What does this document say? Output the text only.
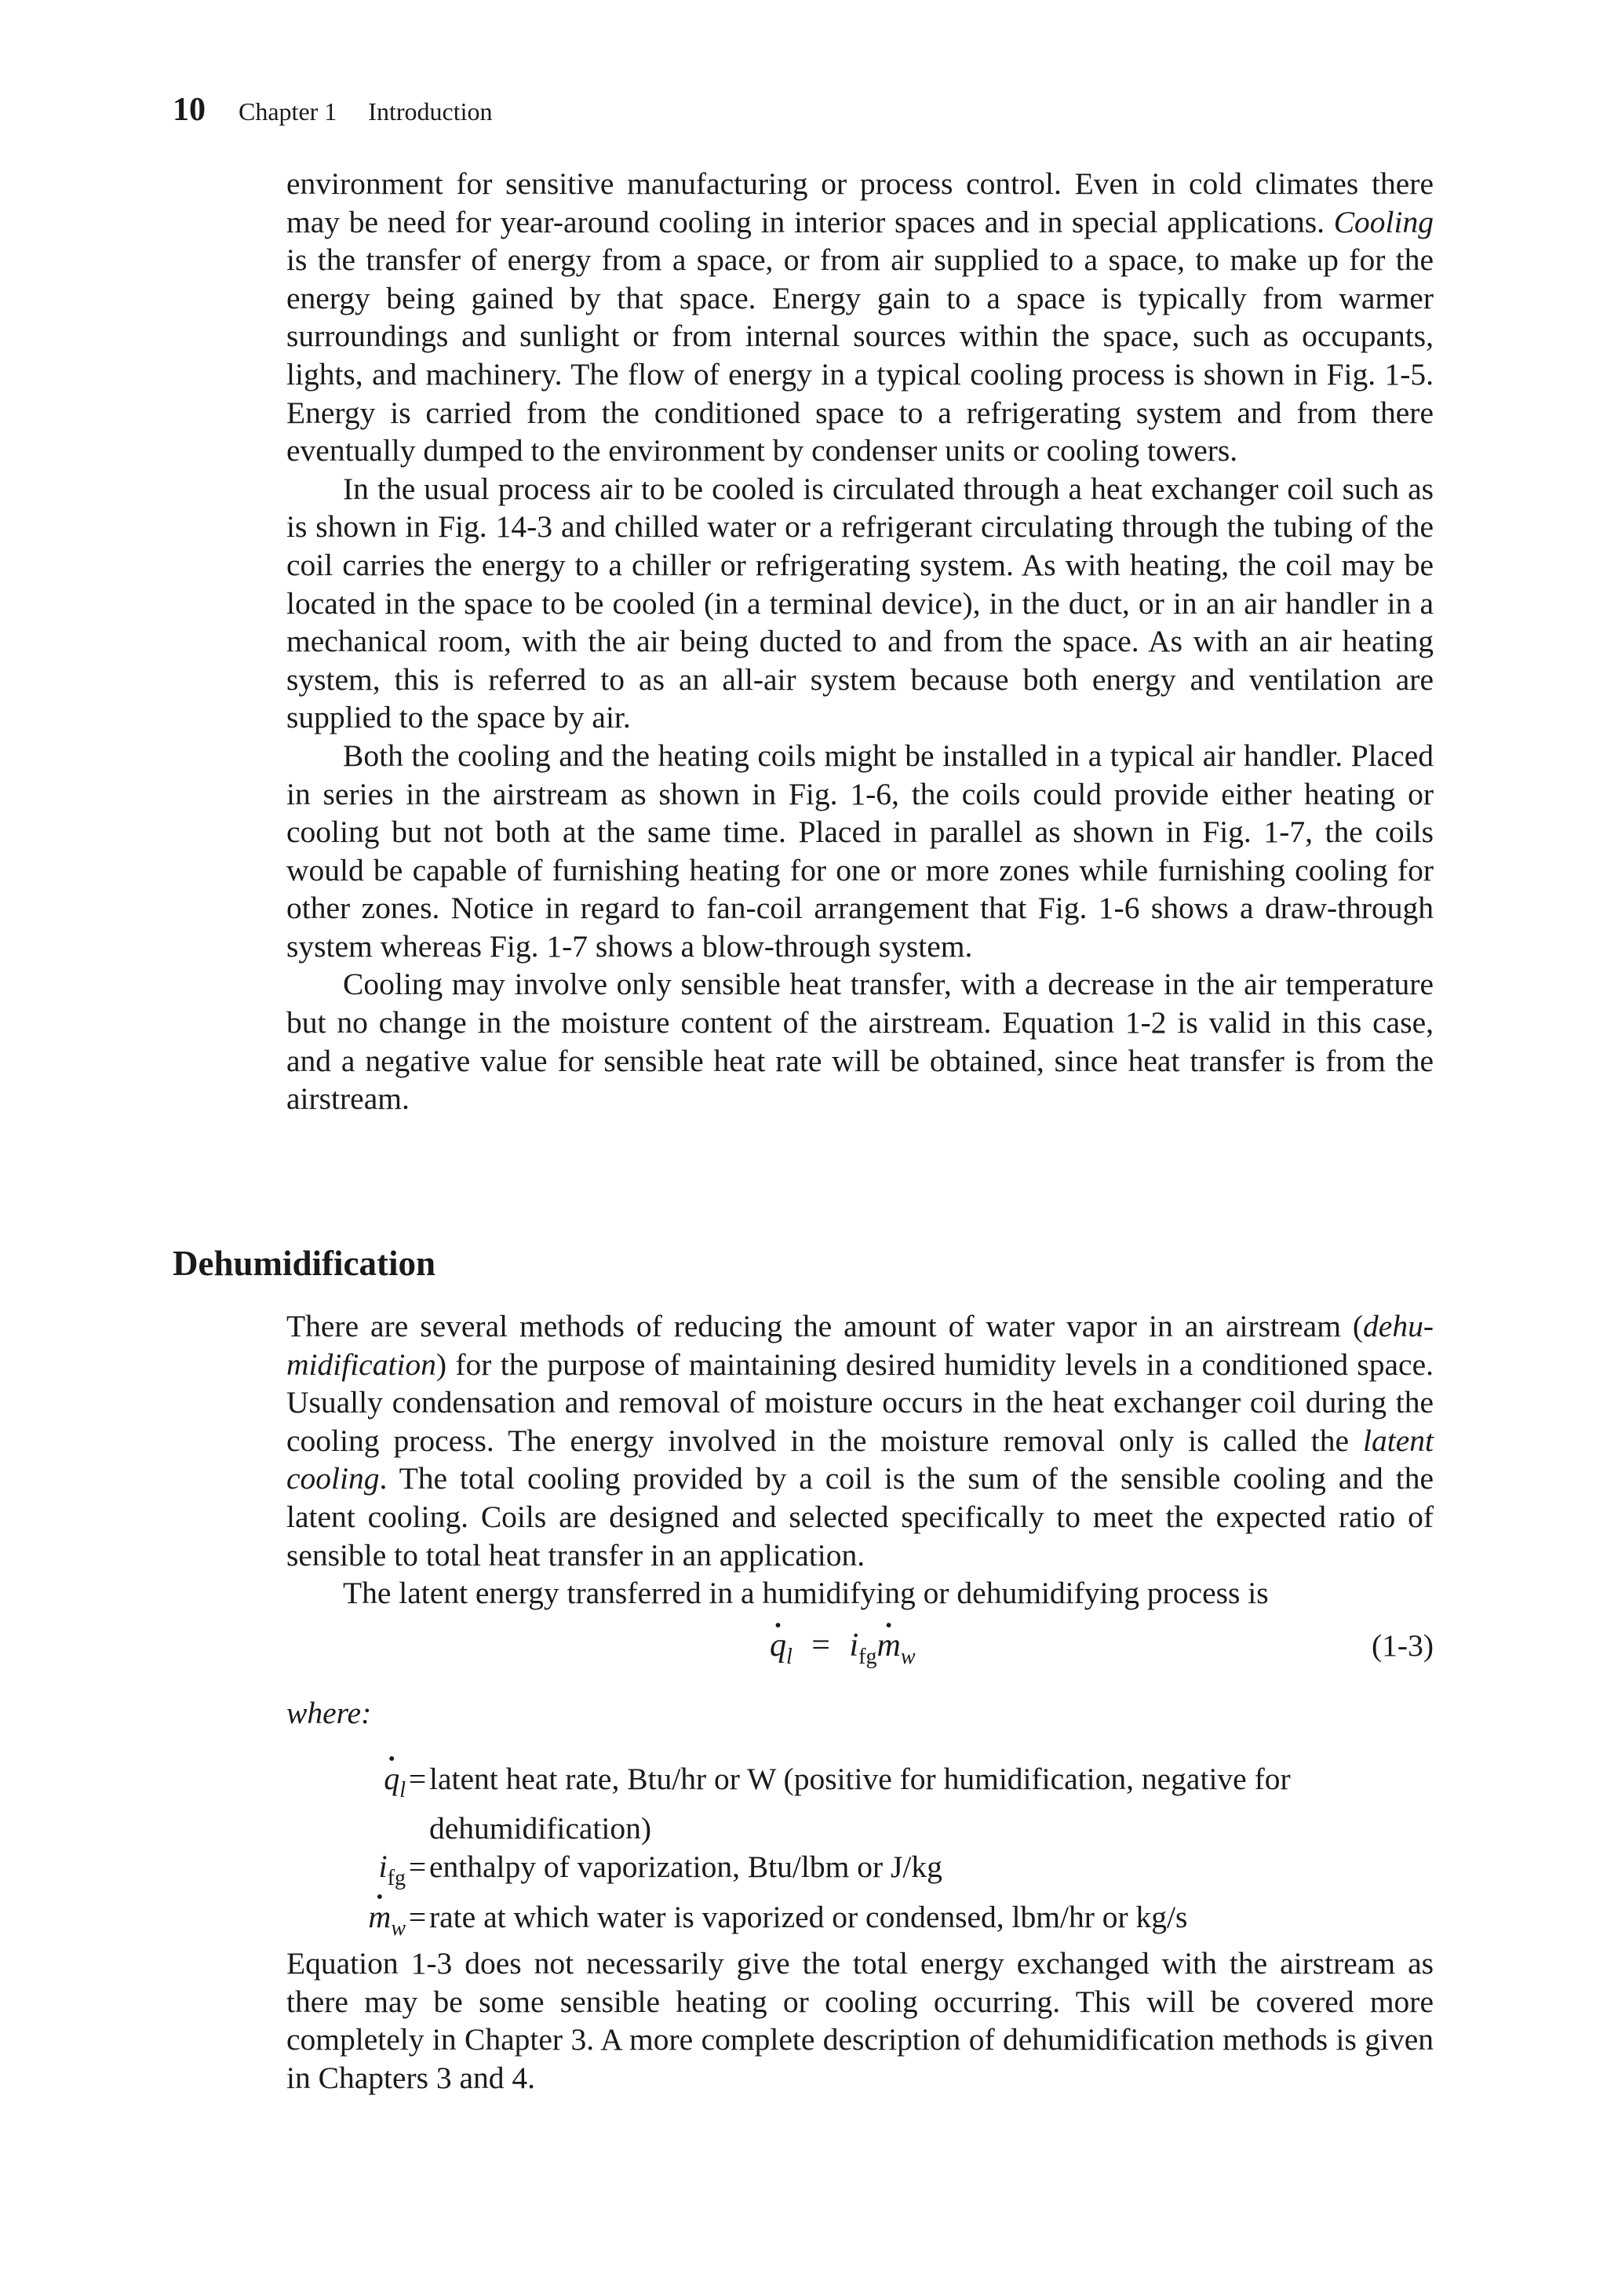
10 Chapter 1 Introduction

environment for sensitive manufacturing or process control. Even in cold climates there may be need for year-around cooling in interior spaces and in special applications. Cooling is the transfer of energy from a space, or from air supplied to a space, to make up for the energy being gained by that space. Energy gain to a space is typically from warmer surroundings and sunlight or from internal sources within the space, such as occupants, lights, and machinery. The flow of energy in a typical cooling process is shown in Fig. 1-5. Energy is carried from the conditioned space to a refrigerating system and from there eventually dumped to the environment by condenser units or cooling towers.

In the usual process air to be cooled is circulated through a heat exchanger coil such as is shown in Fig. 14-3 and chilled water or a refrigerant circulating through the tubing of the coil carries the energy to a chiller or refrigerating system. As with heating, the coil may be located in the space to be cooled (in a terminal device), in the duct, or in an air handler in a mechanical room, with the air being ducted to and from the space. As with an air heating system, this is referred to as an all-air system because both energy and ventilation are supplied to the space by air.

Both the cooling and the heating coils might be installed in a typical air handler. Placed in series in the airstream as shown in Fig. 1-6, the coils could provide either heating or cooling but not both at the same time. Placed in parallel as shown in Fig. 1-7, the coils would be capable of furnishing heating for one or more zones while furnishing cooling for other zones. Notice in regard to fan-coil arrangement that Fig. 1-6 shows a draw-through system whereas Fig. 1-7 shows a blow-through system.

Cooling may involve only sensible heat transfer, with a decrease in the air temperature but no change in the moisture content of the airstream. Equation 1-2 is valid in this case, and a negative value for sensible heat rate will be obtained, since heat transfer is from the airstream.

Dehumidification

There are several methods of reducing the amount of water vapor in an airstream (dehumidification) for the purpose of maintaining desired humidity levels in a conditioned space. Usually condensation and removal of moisture occurs in the heat exchanger coil during the cooling process. The energy involved in the moisture removal only is called the latent cooling. The total cooling provided by a coil is the sum of the sensible cooling and the latent cooling. Coils are designed and selected specifically to meet the expected ratio of sensible to total heat transfer in an application.

The latent energy transferred in a humidifying or dehumidifying process is

· $q_l = i_{fg}\cdot m_w$	(1-3)

where:

· $q_l$ = latent heat rate, Btu/hr or W (positive for humidification, negative for
dehumidification)
$i_{fg}$ = enthalpy of vaporization, Btu/lbm or J/kg
· $m_w$ = rate at which water is vaporized or condensed, lbm/hr or kg/s

Equation 1-3 does not necessarily give the total energy exchanged with the airstream as there may be some sensible heating or cooling occurring. This will be covered more completely in Chapter 3. A more complete description of dehumidification methods is given in Chapters 3 and 4.
